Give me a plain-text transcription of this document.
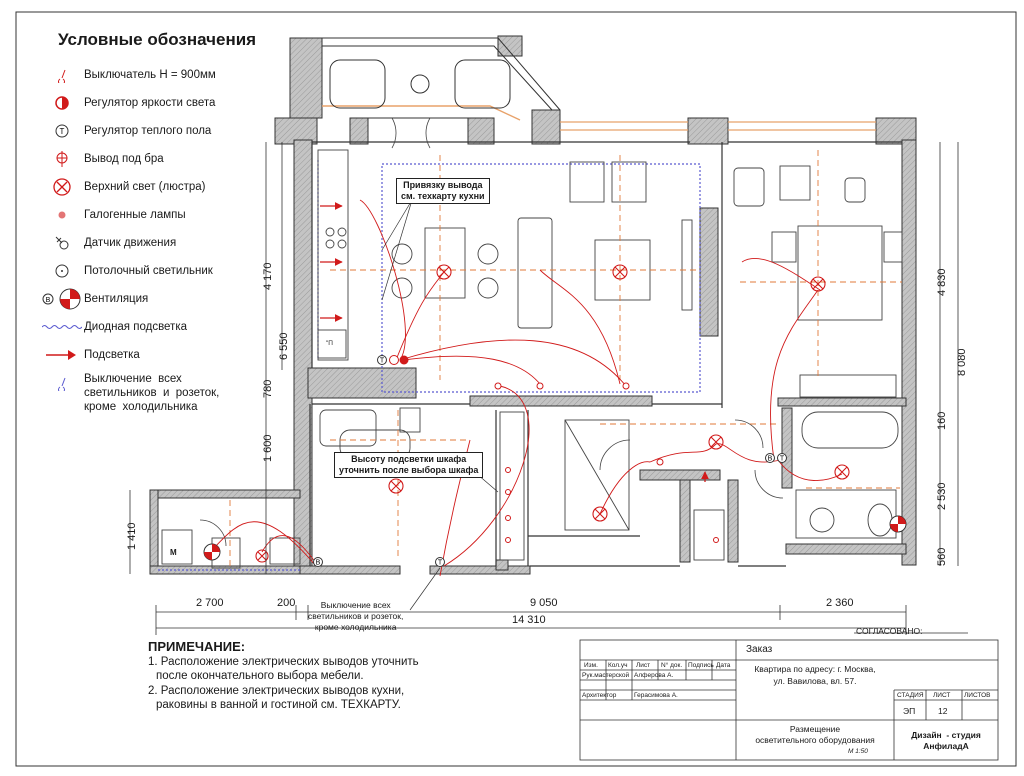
Т
В	Т
В Т
Условные обозначения
Выключатель H = 900мм
Регулятор яркости света
Т Регулятор теплого пола
Вывод под бра
Верхний свет (люстра)
Галогенные лампы
Датчик движения
Потолочный светильник
В	Вентиляция
Диодная подсветка
Подсветка
Выключение  всех
светильников  и  розеток,
кроме  холодильника
Привязку вывода
см. техкарту кухни
Высоту подсветки шкафа
уточнить после выбора шкафа
Выключение всех
светильников и розеток,
кроме холодильника
"П
М
2 700	200	9 050	2 360
14 310
4 170
6 550
780
1 600
1 410
4 830
8 080
160
2 530
560
ПРИМЕЧАНИЕ:
1. Расположение электрических выводов уточнить
после окончательного выбора мебели.
2. Расположение электрических выводов кухни,
раковины в ванной и гостиной см. ТЕХКАРТУ.
СОГЛАСОВАНО:
Заказ
Изм. Кол.уч Лист N° док. Подпись Дата
Рук.мастерской Алферова А.
Архитектор	Герасимова А.
Квартира по адресу: г. Москва,
ул. Вавилова, вл. 57.
СТАДИЯ ЛИСТ ЛИСТОВ
ЭП	12
Размещение
осветительного оборудования
М 1:50
Дизайн  - студия
АнфиладА
